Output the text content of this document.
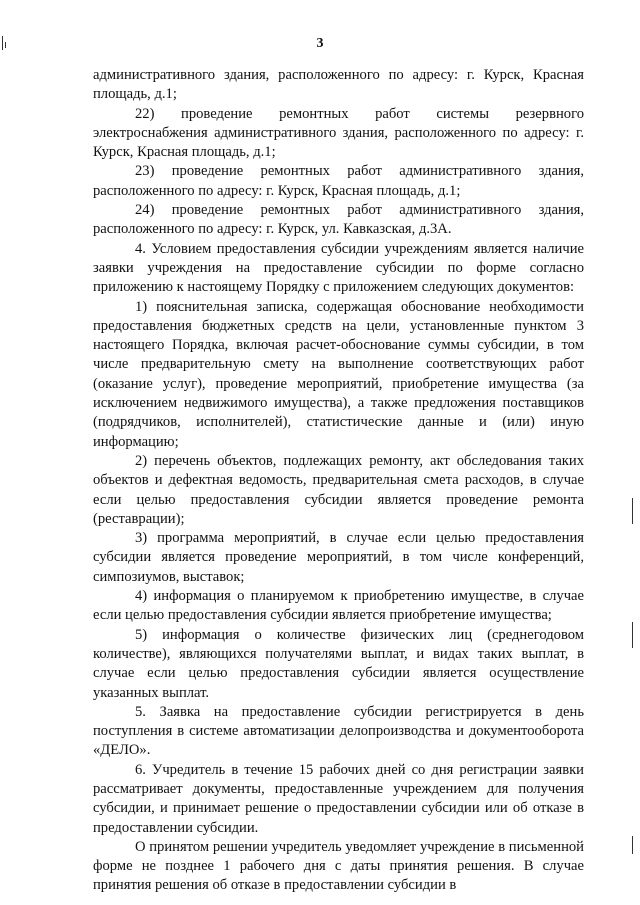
3

административного здания, расположенного по адресу: г. Курск, Красная площадь, д.1;

22) проведение ремонтных работ системы резервного электроснабжения административного здания, расположенного по адресу: г. Курск, Красная площадь, д.1;

23) проведение ремонтных работ административного здания, расположенного по адресу: г. Курск, Красная площадь, д.1;

24) проведение ремонтных работ административного здания, расположенного по адресу: г. Курск, ул. Кавказская, д.3А.

4. Условием предоставления субсидии учреждениям является наличие заявки учреждения на предоставление субсидии по форме согласно приложению к настоящему Порядку с приложением следующих документов:

1) пояснительная записка, содержащая обоснование необходимости предоставления бюджетных средств на цели, установленные пунктом 3 настоящего Порядка, включая расчет-обоснование суммы субсидии, в том числе предварительную смету на выполнение соответствующих работ (оказание услуг), проведение мероприятий, приобретение имущества (за исключением недвижимого имущества), а также предложения поставщиков (подрядчиков, исполнителей), статистические данные и (или) иную информацию;

2) перечень объектов, подлежащих ремонту, акт обследования таких объектов и дефектная ведомость, предварительная смета расходов, в случае если целью предоставления субсидии является проведение ремонта (реставрации);

3) программа мероприятий, в случае если целью предоставления субсидии является проведение мероприятий, в том числе конференций, симпозиумов, выставок;

4) информация о планируемом к приобретению имуществе, в случае если целью предоставления субсидии является приобретение имущества;

5) информация о количестве физических лиц (среднегодовом количестве), являющихся получателями выплат, и видах таких выплат, в случае если целью предоставления субсидии является осуществление указанных выплат.

5. Заявка на предоставление субсидии регистрируется в день поступления в системе автоматизации делопроизводства и документооборота «ДЕЛО».

6. Учредитель в течение 15 рабочих дней со дня регистрации заявки рассматривает документы, предоставленные учреждением для получения субсидии, и принимает решение о предоставлении субсидии или об отказе в предоставлении субсидии.

О принятом решении учредитель уведомляет учреждение в письменной форме не позднее 1 рабочего дня с даты принятия решения. В случае принятия решения об отказе в предоставлении субсидии в
